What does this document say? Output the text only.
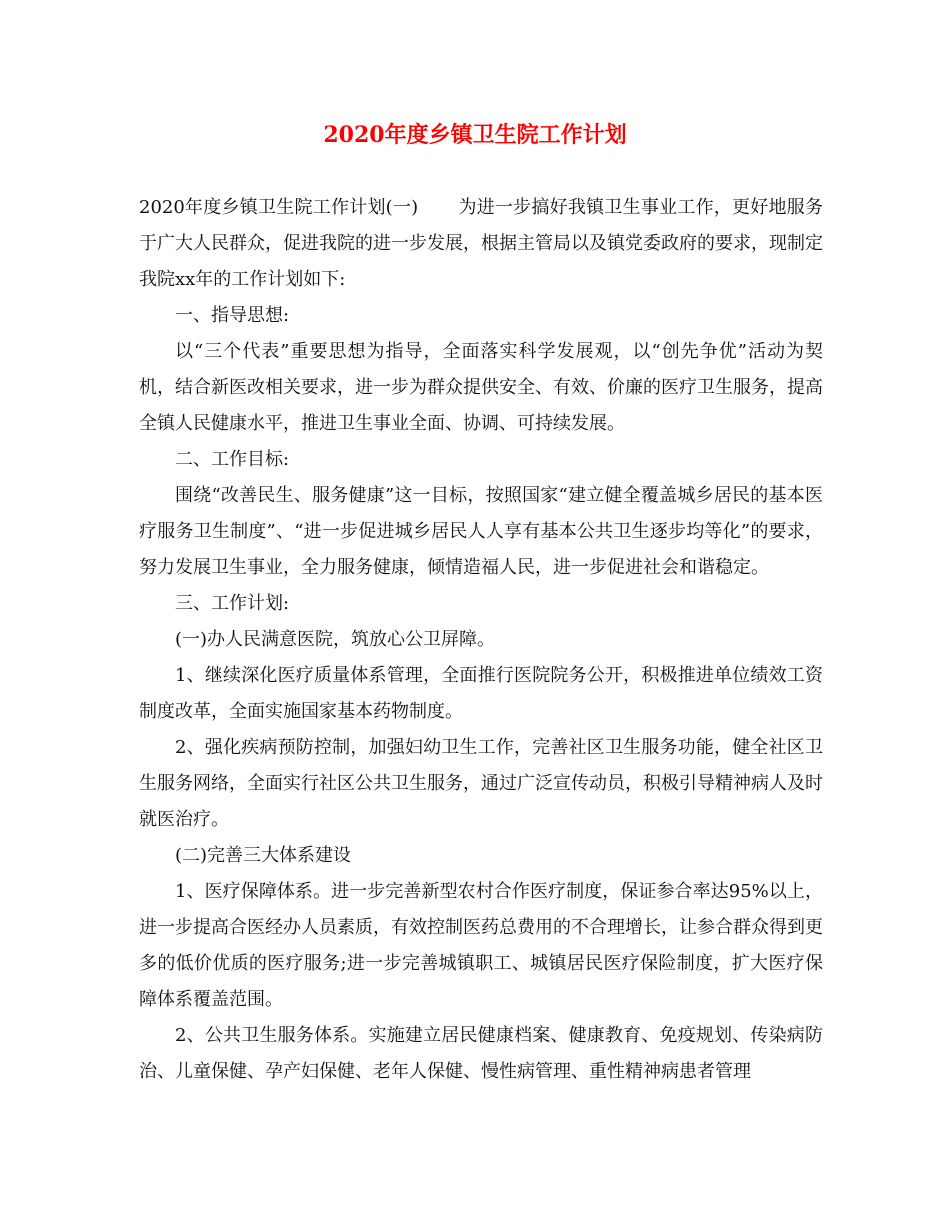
2020年度乡镇卫生院工作计划

2020年度乡镇卫生院工作计划(一) 为进一步搞好我镇卫生事业工作，更好地服务于广大人民群众，促进我院的进一步发展，根据主管局以及镇党委政府的要求，现制定我院xx年的工作计划如下:

一、指导思想:

以“三个代表”重要思想为指导，全面落实科学发展观，以“创先争优”活动为契机，结合新医改相关要求，进一步为群众提供安全、有效、价廉的医疗卫生服务，提高全镇人民健康水平，推进卫生事业全面、协调、可持续发展。

二、工作目标:

围绕“改善民生、服务健康”这一目标，按照国家“建立健全覆盖城乡居民的基本医疗服务卫生制度”、“进一步促进城乡居民人人享有基本公共卫生逐步均等化”的要求，努力发展卫生事业，全力服务健康，倾情造福人民，进一步促进社会和谐稳定。

三、工作计划:

(一)办人民满意医院，筑放心公卫屏障。

1、继续深化医疗质量体系管理，全面推行医院院务公开，积极推进单位绩效工资制度改革，全面实施国家基本药物制度。

2、强化疾病预防控制，加强妇幼卫生工作，完善社区卫生服务功能，健全社区卫生服务网络，全面实行社区公共卫生服务，通过广泛宣传动员，积极引导精神病人及时就医治疗。

(二)完善三大体系建设

1、医疗保障体系。进一步完善新型农村合作医疗制度，保证参合率达95%以上，进一步提高合医经办人员素质，有效控制医药总费用的不合理增长，让参合群众得到更多的低价优质的医疗服务;进一步完善城镇职工、城镇居民医疗保险制度，扩大医疗保障体系覆盖范围。

2、公共卫生服务体系。实施建立居民健康档案、健康教育、免疫规划、传染病防治、儿童保健、孕产妇保健、老年人保健、慢性病管理、重性精神病患者管理
